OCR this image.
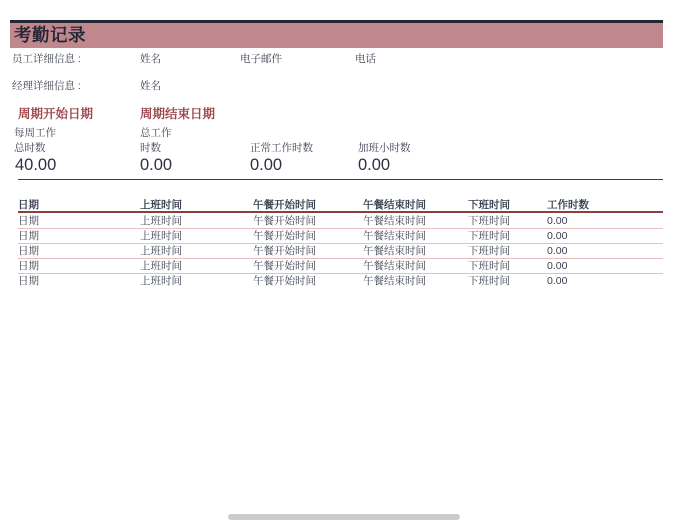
考勤记录
员工详细信息 :	姓名	电子邮件	电话
经理详细信息 :	姓名
周期开始日期	周期结束日期
每周工作	总工作
总时数	时数	正常工作时数	加班小时数
40.00	0.00	0.00	0.00
日期	上班时间	午餐开始时间	午餐结束时间	下班时间	工作时数
日期	上班时间	午餐开始时间	午餐结束时间	下班时间	0.00
日期	上班时间	午餐开始时间	午餐结束时间	下班时间	0.00
日期	上班时间	午餐开始时间	午餐结束时间	下班时间	0.00
日期	上班时间	午餐开始时间	午餐结束时间	下班时间	0.00
日期	上班时间	午餐开始时间	午餐结束时间	下班时间	0.00
